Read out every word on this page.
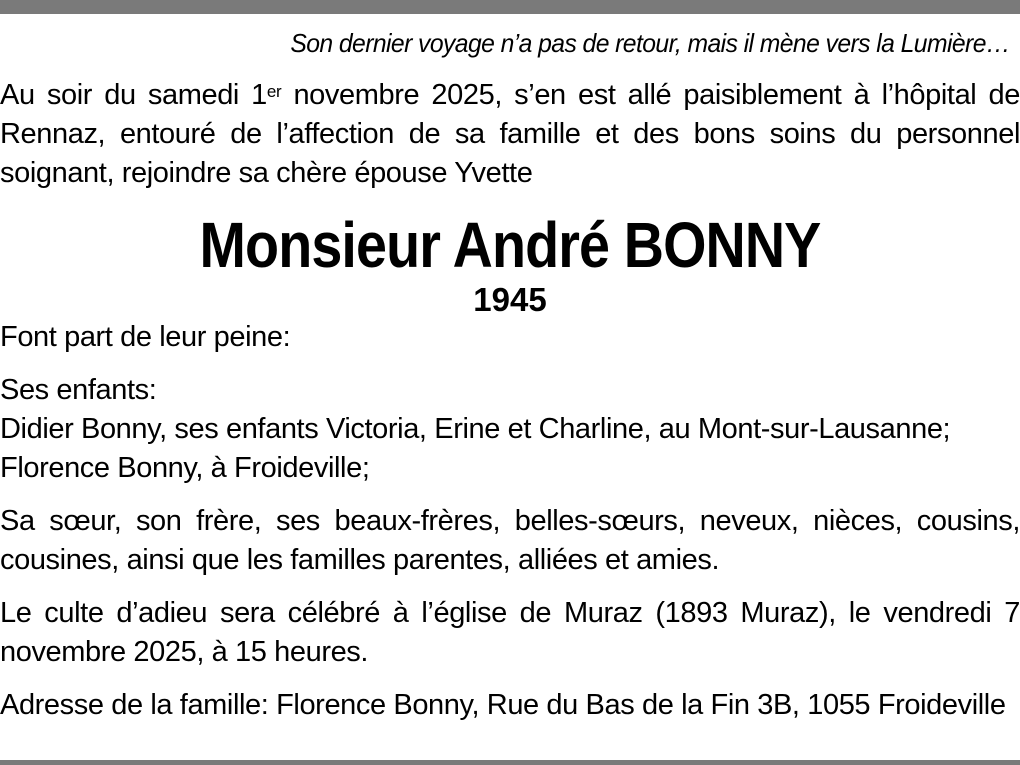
Son dernier voyage n’a pas de retour, mais il mène vers la Lumière…

Au soir du samedi 1er novembre 2025, s’en est allé paisiblement à l’hôpital de Rennaz, entouré de l’affection de sa famille et des bons soins du personnel soignant, rejoindre sa chère épouse Yvette

Monsieur André BONNY
1945

Font part de leur peine:

Ses enfants:

Didier Bonny, ses enfants Victoria, Erine et Charline, au Mont-sur-Lausanne;

Florence Bonny, à Froideville;

Sa sœur, son frère, ses beaux-frères, belles-sœurs, neveux, nièces, cousins, cousines, ainsi que les familles parentes, alliées et amies.

Le culte d’adieu sera célébré à l’église de Muraz (1893 Muraz), le vendredi 7 novembre 2025, à 15 heures.

Adresse de la famille: Florence Bonny, Rue du Bas de la Fin 3B, 1055 Froideville
